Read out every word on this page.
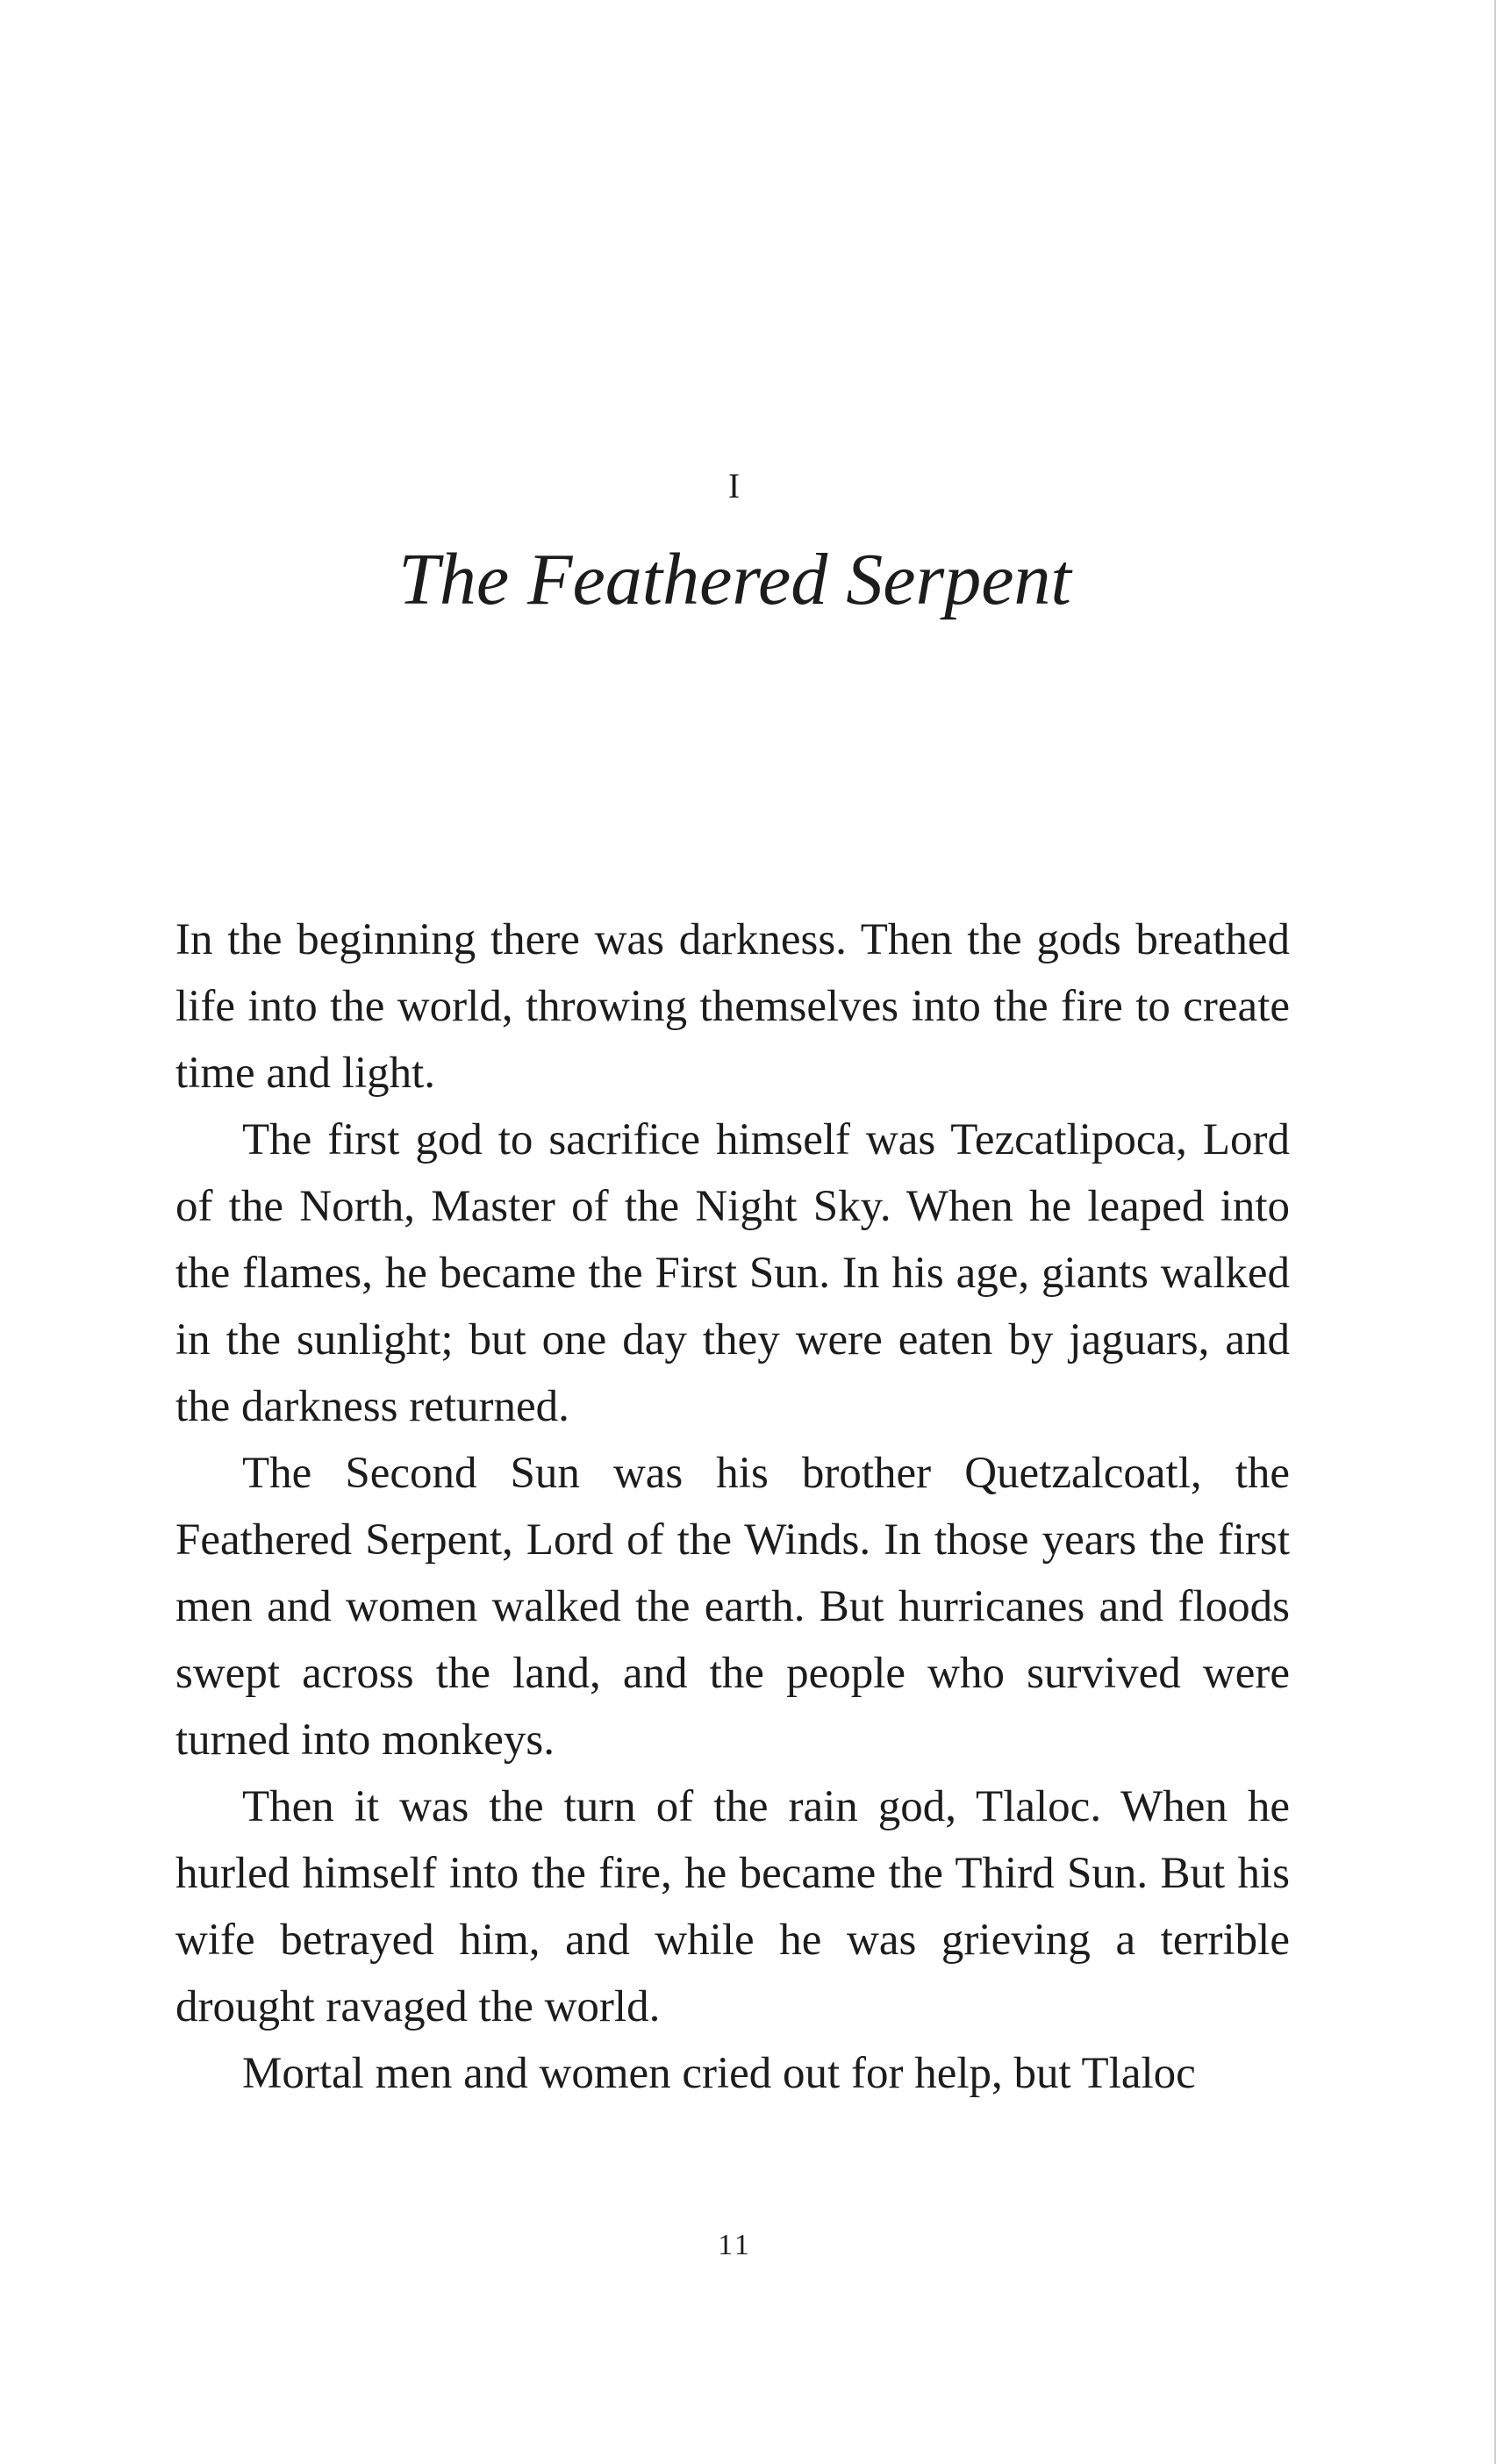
I
The Feathered Serpent

In the beginning there was darkness. Then the gods breathed life into the world, throwing themselves into the fire to create time and light.

The first god to sacrifice himself was Tezcatlipoca, Lord of the North, Master of the Night Sky. When he leaped into the flames, he became the First Sun. In his age, giants walked in the sunlight; but one day they were eaten by jaguars, and the darkness returned.

The Second Sun was his brother Quetzalcoatl, the Feathered Serpent, Lord of the Winds. In those years the first men and women walked the earth. But hurricanes and floods swept across the land, and the people who survived were turned into monkeys.

Then it was the turn of the rain god, Tlaloc. When he hurled himself into the fire, he became the Third Sun. But his wife betrayed him, and while he was grieving a terrible drought ravaged the world.

Mortal men and women cried out for help, but Tlaloc

11
